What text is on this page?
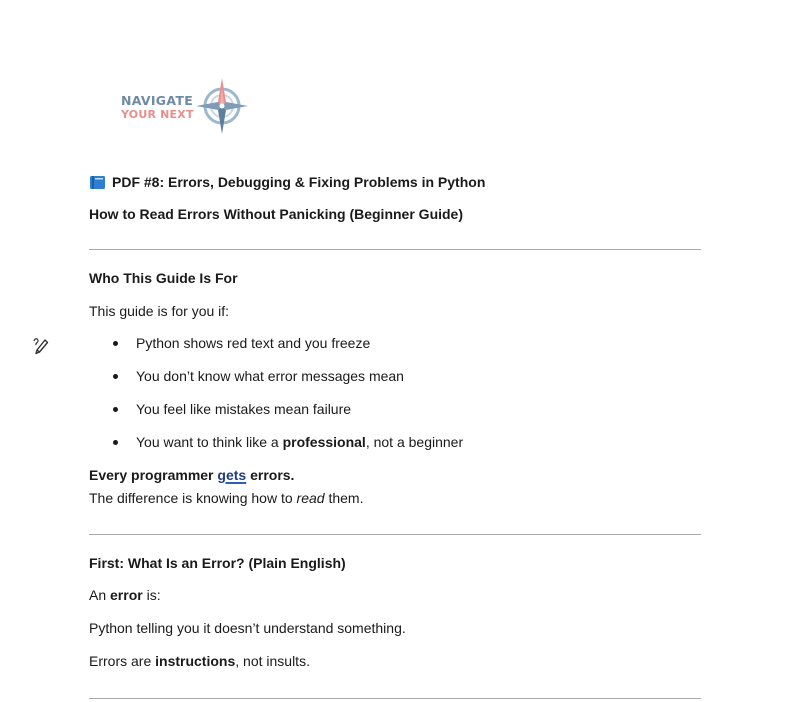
NAVIGATE
YOUR NEXT
PDF #8: Errors, Debugging & Fixing Problems in Python
How to Read Errors Without Panicking (Beginner Guide)
Who This Guide Is For
This guide is for you if:
Python shows red text and you freeze
You don’t know what error messages mean
You feel like mistakes mean failure
You want to think like a professional, not a beginner
Every programmer gets errors.
The difference is knowing how to read them.
First: What Is an Error? (Plain English)
An error is:
Python telling you it doesn’t understand something.
Errors are instructions, not insults.
